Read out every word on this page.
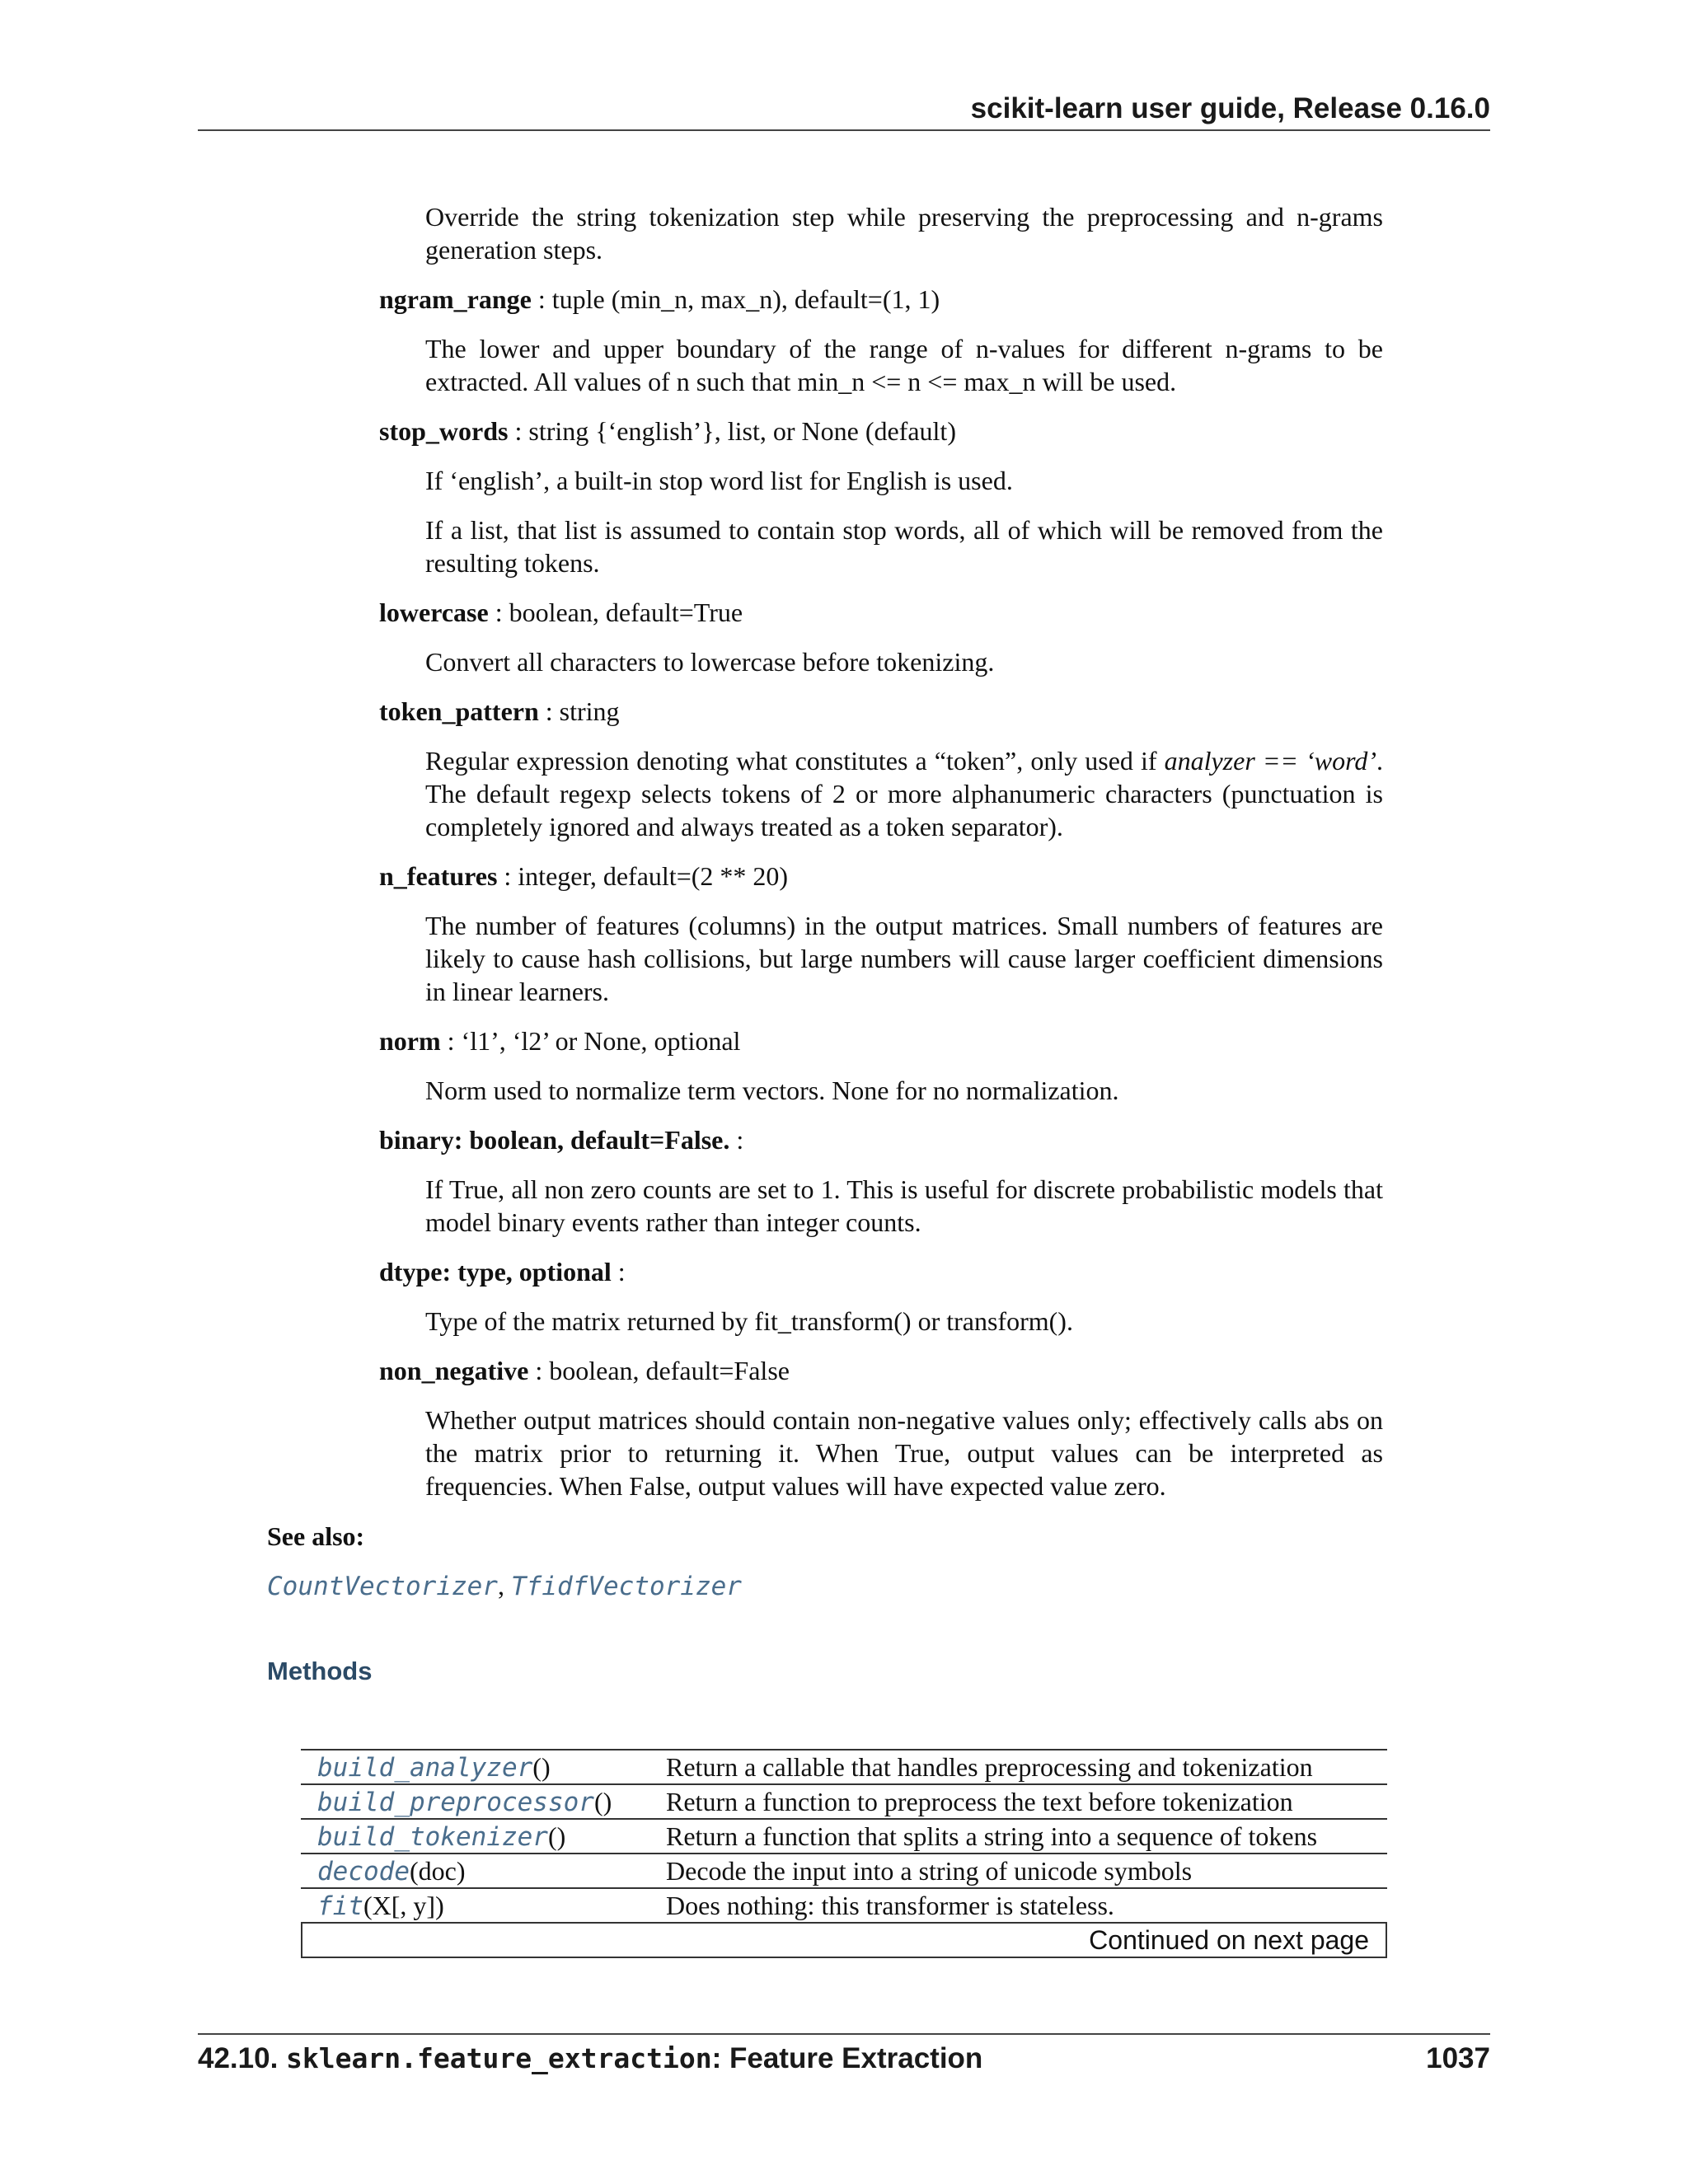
scikit-learn user guide, Release 0.16.0

Override the string tokenization step while preserving the preprocessing and n-grams generation steps.

ngram_range : tuple (min_n, max_n), default=(1, 1)

The lower and upper boundary of the range of n-values for different n-grams to be extracted. All values of n such that min_n <= n <= max_n will be used.

stop_words : string {‘english’}, list, or None (default)

If ‘english’, a built-in stop word list for English is used.

If a list, that list is assumed to contain stop words, all of which will be removed from the resulting tokens.

lowercase : boolean, default=True

Convert all characters to lowercase before tokenizing.

token_pattern : string

Regular expression denoting what constitutes a “token”, only used if analyzer == ‘word’. The default regexp selects tokens of 2 or more alphanumeric characters (punctuation is completely ignored and always treated as a token separator).

n_features : integer, default=(2 ** 20)

The number of features (columns) in the output matrices. Small numbers of features are likely to cause hash collisions, but large numbers will cause larger coefficient dimensions in linear learners.

norm : ‘l1’, ‘l2’ or None, optional

Norm used to normalize term vectors. None for no normalization.

binary: boolean, default=False. :

If True, all non zero counts are set to 1. This is useful for discrete probabilistic models that model binary events rather than integer counts.

dtype: type, optional :

Type of the matrix returned by fit_transform() or transform().

non_negative : boolean, default=False

Whether output matrices should contain non-negative values only; effectively calls abs on the matrix prior to returning it. When True, output values can be interpreted as frequencies. When False, output values will have expected value zero.

See also:
CountVectorizer, TfidfVectorizer
Methods
build_analyzer()	Return a callable that handles preprocessing and tokenization
build_preprocessor() Return a function to preprocess the text before tokenization
build_tokenizer()	Return a function that splits a string into a sequence of tokens
decode(doc)	Decode the input into a string of unicode symbols
fit(X[, y])	Does nothing: this transformer is stateless.
Continued on next page
42.10. sklearn.feature_extraction: Feature Extraction	1037
